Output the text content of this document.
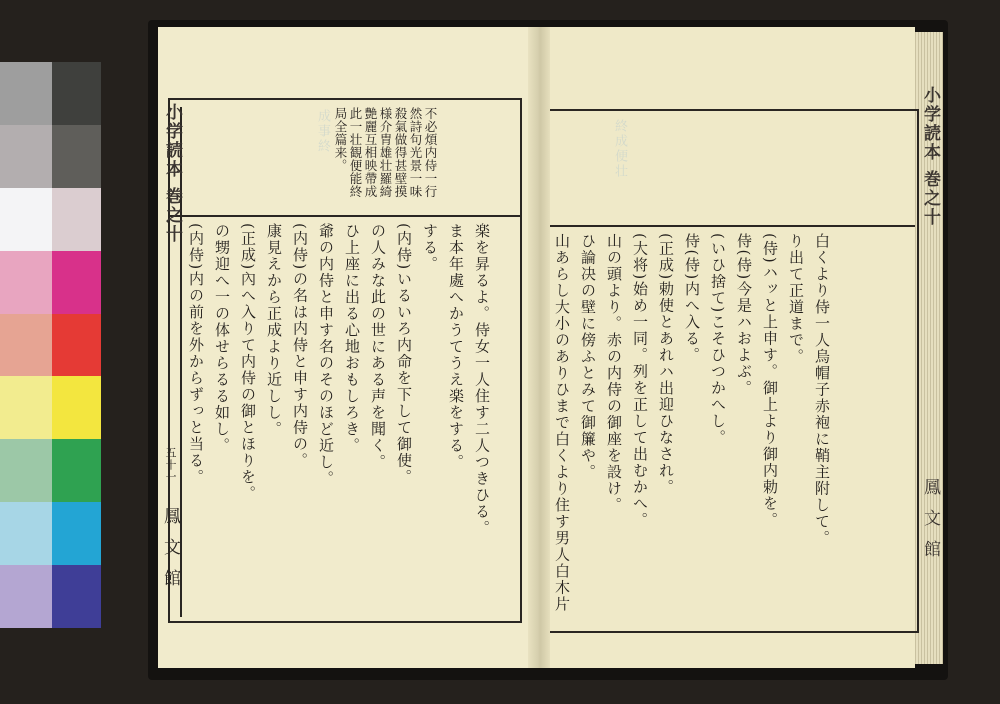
小学読本 巻之十	成事終	不必煩内侍一行
然詩句光景一味
殺氣做得甚壁摸
様介胄雄壮羅綺
艶麗互相映帶成
此一壮観便能終
局全篇来。
(内侍)内の前を外からずっと当る。 の甥迎へ一の体せらるる如し。 (正成)內へ入りて内侍の御とほりを。 康見えから正成より近しし。 (内侍)の名は内侍と申す内侍の。 爺の内侍と申す名のそのほど近し。 ひ上座に出る心地おもしろき。 の人みな此の世にある声を聞く。 (内侍)いるいろ内命を下して御使。 する。 ま本年處へかうてうえ楽をする。 楽を昇るよ。侍女一人住す二人つきひる。
五十一
鳳文館
終成便壮
山あらし大小のありひまで白くより住す男人白木片 ひ論决の壁に傍ふとみて御簾や。 山の頭より。赤の内侍の御座を設け。 (大将)始め一同。列を正して出むかへ。 (正成)勅使とあれハ出迎ひなされ。 侍(侍)内へ入る。 (いひ捨て)こそひつかへし。 侍(侍)今是ハおよぶ。 (侍)ハッと上申す。御上より御内勅を。 り出て正道まで。 白くより侍一人烏帽子赤袍に鞘主附して。
小学読本 巻之十
鳳文館
